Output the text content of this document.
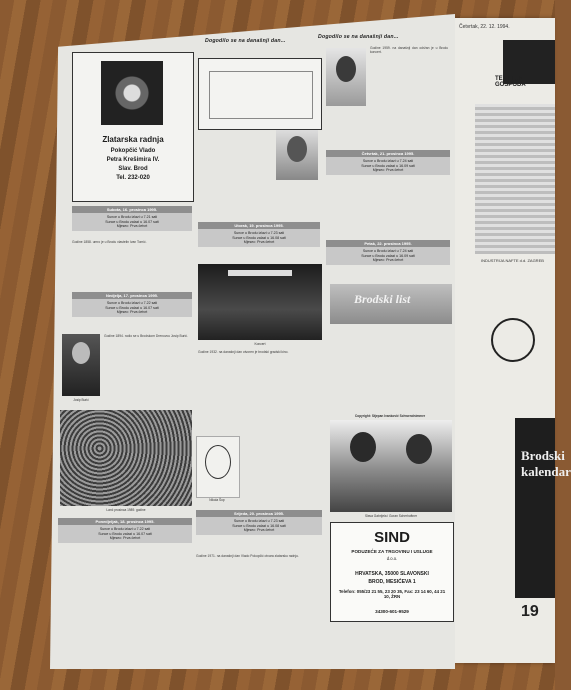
Četvrtak, 22. 12. 1994.
TEMELJN GOSPODA
INDUSTRIJA NAFTE d.d. ZAGREB
Brodski kalendar
19
Dogodilo se na današnji dan...
Dogodilo se na današnji dan...
Zlatarska radnja
Pokopčić Vlado
Petra Krešimira IV.
Slav. Brod
Tel. 232-020
Subota, 16. prosinca 1995.
Sunce u Brodu izlazi u 7.21 sati
Sunce u Brodu zalazi u 16.07 sati
Mjesec: Prva četvrt
Godine 1858. umro je u Brodu vlastelin Ivan Tomić.
Nedjelja, 17. prosinca 1995.
Sunce u Brodu izlazi u 7.22 sati
Sunce u Brodu zalazi u 16.07 sati
Mjesec: Prva četvrt
Josip Burić
Godine 1894. rodio se u Brodskom Drenovcu Josip Burić.
Lanč prosinca 1989. godine
Ponedjeljak, 18. prosinca 1995.
Sunce u Brodu izlazi u 7.22 sati
Sunce u Brodu zalazi u 16.07 sati
Mjesec: Prva četvrt
Utorak, 19. prosinca 1995.
Sunce u Brodu izlazi u 7.23 sati
Sunce u Brodu zalazi u 16.08 sati
Mjesec: Prva četvrt
Koncert
Godine 1932. na današnji dan otvoren je brodski gradski kino.
Nikola Šop
Srijeda, 20. prosinca 1995.
Sunce u Brodu izlazi u 7.23 sati
Sunce u Brodu zalazi u 16.08 sati
Mjesec: Prva četvrt
Godine 1971. na današnji dan Vlado Pokopčić otvara zlatarsku radnju.
Godine 1959. na današnji dan održan je u Brodu koncert.
Četvrtak, 21. prosinca 1995.
Sunce u Brodu izlazi u 7.24 sati
Sunce u Brodu zalazi u 16.09 sati
Mjesec: Prva četvrt
Petak, 22. prosinca 1995.
Sunce u Brodu izlazi u 7.24 sati
Sunce u Brodu zalazi u 16.09 sati
Mjesec: Prva četvrt
Brodski list
Copyright: Stjepan Ivanković Schwendnimmer
Slava Gabrijela i Goran Scherhoftner
SIND
PODUZEĆE ZA TRGOVINU I USLUGE
d.o.o.
HRVATSKA, 35000 SLAVONSKI
BROD, MESIĆEVA 1
Telefon: 055/23 21 55, 23 20 35, Fax: 23 14 60, 44 21 10, ŽRN
34300-601-9529
